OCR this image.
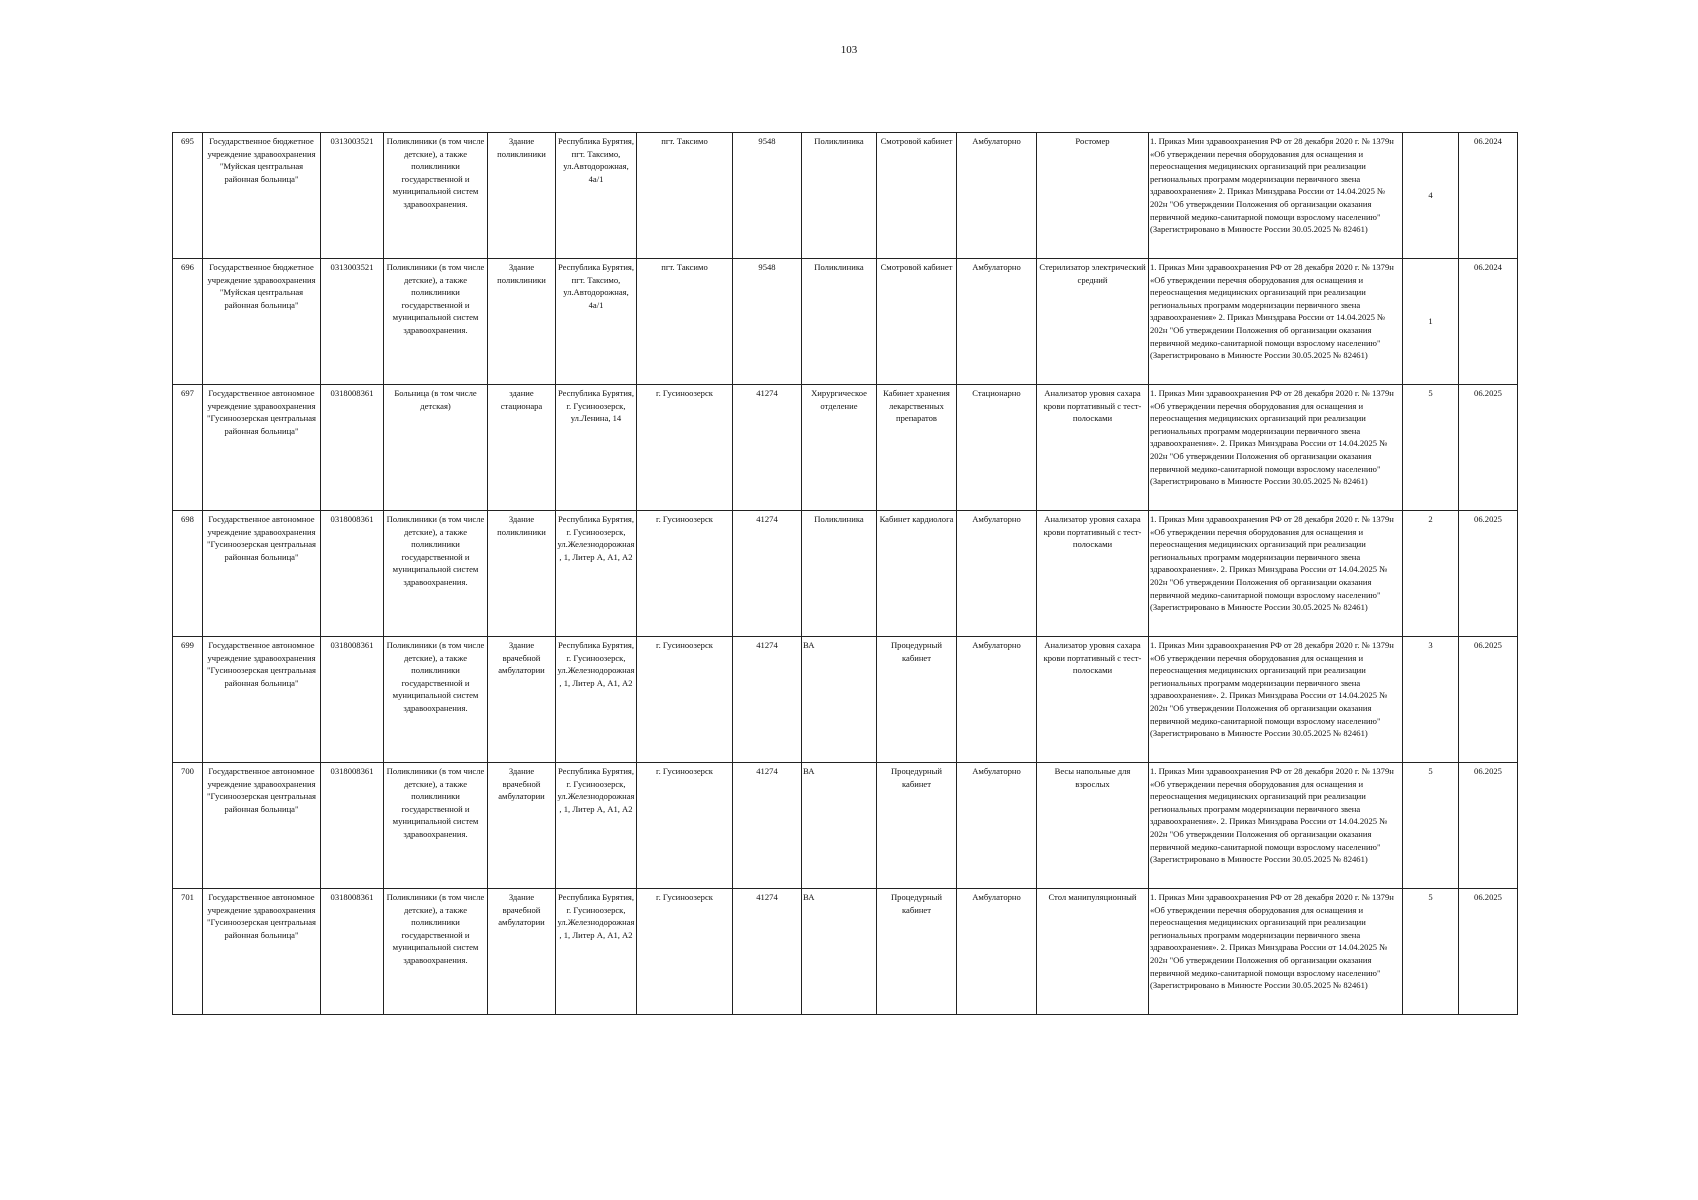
103
695	Государственное бюджетное учреждение здравоохранения "Муйская центральная районная больница"	0313003521	Поликлиники (в том числе детские), а также поликлиники государственной и муниципальной систем здравоохранения.	Здание поликлиники	Республика Бурятия, пгт. Таксимо, ул.Автодорожная, 4а/1	пгт. Таксимо	9548	Поликлиника	Смотровой кабинет	Амбулаторно	Ростомер	1. Приказ Мин здравоохранения РФ от 28 декабря 2020 г. № 1379н «Об утверждении перечня оборудования для оснащения и переоснащения медицинских организаций при реализации региональных программ модернизации первичного звена здравоохранения» 2. Приказ Минздрава России от 14.04.2025 № 202н "Об утверждении Положения об организации оказания первичной медико-санитарной помощи взрослому населению" (Зарегистрировано в Минюсте России 30.05.2025 № 82461)	4	06.2024
696	Государственное бюджетное учреждение здравоохранения "Муйская центральная районная больница"	0313003521	Поликлиники (в том числе детские), а также поликлиники государственной и муниципальной систем здравоохранения.	Здание поликлиники	Республика Бурятия, пгт. Таксимо, ул.Автодорожная, 4а/1	пгт. Таксимо	9548	Поликлиника	Смотровой кабинет	Амбулаторно	Стерилизатор электрический средний	1. Приказ Мин здравоохранения РФ от 28 декабря 2020 г. № 1379н «Об утверждении перечня оборудования для оснащения и переоснащения медицинских организаций при реализации региональных программ модернизации первичного звена здравоохранения» 2. Приказ Минздрава России от 14.04.2025 № 202н "Об утверждении Положения об организации оказания первичной медико-санитарной помощи взрослому населению" (Зарегистрировано в Минюсте России 30.05.2025 № 82461)	1	06.2024
697	Государственное автономное учреждение здравоохранения "Гусиноозерская центральная районная больница"	0318008361	Больница (в том числе детская)	здание стационара	Республика Бурятия, г. Гусиноозерск, ул.Ленина, 14	г. Гусиноозерск	41274	Хирургическое отделение	Кабинет хранения лекарственных препаратов	Стационарно	Анализатор уровня сахара крови портативный с тест-полосками	1. Приказ Мин здравоохранения РФ от 28 декабря 2020 г. № 1379н «Об утверждении перечня оборудования для оснащения и переоснащения медицинских организаций при реализации региональных программ модернизации первичного звена здравоохранения». 2. Приказ Минздрава России от 14.04.2025 № 202н "Об утверждении Положения об организации оказания первичной медико-санитарной помощи взрослому населению" (Зарегистрировано в Минюсте России 30.05.2025 № 82461)	5	06.2025
698	Государственное автономное учреждение здравоохранения "Гусиноозерская центральная районная больница"	0318008361	Поликлиники (в том числе детские), а также поликлиники государственной и муниципальной систем здравоохранения.	Здание поликлиники	Республика Бурятия, г. Гусиноозерск, ул.Железнодорожная, 1, Литер А, А1, А2	г. Гусиноозерск	41274	Поликлиника	Кабинет кардиолога	Амбулаторно	Анализатор уровня сахара крови портативный с тест-полосками	1. Приказ Мин здравоохранения РФ от 28 декабря 2020 г. № 1379н «Об утверждении перечня оборудования для оснащения и переоснащения медицинских организаций при реализации региональных программ модернизации первичного звена здравоохранения». 2. Приказ Минздрава России от 14.04.2025 № 202н "Об утверждении Положения об организации оказания первичной медико-санитарной помощи взрослому населению" (Зарегистрировано в Минюсте России 30.05.2025 № 82461)	2	06.2025
699	Государственное автономное учреждение здравоохранения "Гусиноозерская центральная районная больница"	0318008361	Поликлиники (в том числе детские), а также поликлиники государственной и муниципальной систем здравоохранения.	Здание врачебной амбулатории	Республика Бурятия, г. Гусиноозерск, ул.Железнодорожная, 1, Литер А, А1, А2	г. Гусиноозерск	41274	ВА	Процедурный кабинет	Амбулаторно	Анализатор уровня сахара крови портативный с тест-полосками	1. Приказ Мин здравоохранения РФ от 28 декабря 2020 г. № 1379н «Об утверждении перечня оборудования для оснащения и переоснащения медицинских организаций при реализации региональных программ модернизации первичного звена здравоохранения». 2. Приказ Минздрава России от 14.04.2025 № 202н "Об утверждении Положения об организации оказания первичной медико-санитарной помощи взрослому населению" (Зарегистрировано в Минюсте России 30.05.2025 № 82461)	3	06.2025
700	Государственное автономное учреждение здравоохранения "Гусиноозерская центральная районная больница"	0318008361	Поликлиники (в том числе детские), а также поликлиники государственной и муниципальной систем здравоохранения.	Здание врачебной амбулатории	Республика Бурятия, г. Гусиноозерск, ул.Железнодорожная, 1, Литер А, А1, А2	г. Гусиноозерск	41274	ВА	Процедурный кабинет	Амбулаторно	Весы напольные для взрослых	1. Приказ Мин здравоохранения РФ от 28 декабря 2020 г. № 1379н «Об утверждении перечня оборудования для оснащения и переоснащения медицинских организаций при реализации региональных программ модернизации первичного звена здравоохранения». 2. Приказ Минздрава России от 14.04.2025 № 202н "Об утверждении Положения об организации оказания первичной медико-санитарной помощи взрослому населению" (Зарегистрировано в Минюсте России 30.05.2025 № 82461)	5	06.2025
701	Государственное автономное учреждение здравоохранения "Гусиноозерская центральная районная больница"	0318008361	Поликлиники (в том числе детские), а также поликлиники государственной и муниципальной систем здравоохранения.	Здание врачебной амбулатории	Республика Бурятия, г. Гусиноозерск, ул.Железнодорожная, 1, Литер А, А1, А2	г. Гусиноозерск	41274	ВА	Процедурный кабинет	Амбулаторно	Стол манипуляционный	1. Приказ Мин здравоохранения РФ от 28 декабря 2020 г. № 1379н «Об утверждении перечня оборудования для оснащения и переоснащения медицинских организаций при реализации региональных программ модернизации первичного звена здравоохранения». 2. Приказ Минздрава России от 14.04.2025 № 202н "Об утверждении Положения об организации оказания первичной медико-санитарной помощи взрослому населению" (Зарегистрировано в Минюсте России 30.05.2025 № 82461)	5	06.2025
